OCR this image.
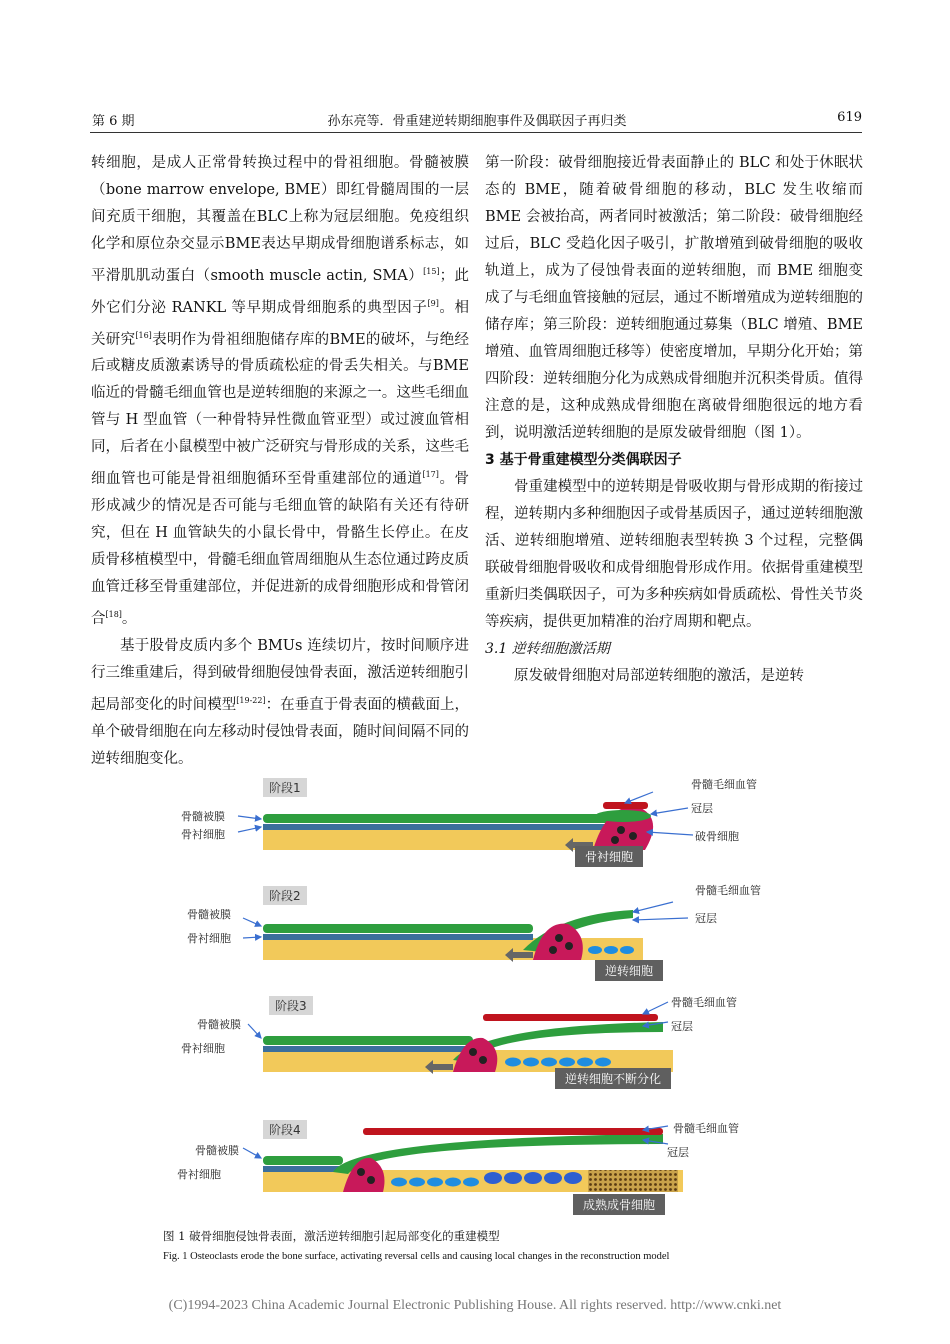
第 6 期	孙东亮等．骨重建逆转期细胞事件及偶联因子再归类	619

转细胞，是成人正常骨转换过程中的骨祖细胞。骨髓被膜（bone marrow envelope, BME）即红骨髓周围的一层间充质干细胞，其覆盖在BLC上称为冠层细胞。免疫组织化学和原位杂交显示BME表达早期成骨细胞谱系标志，如平滑肌肌动蛋白（smooth muscle actin, SMA）[15]；此外它们分泌 RANKL 等早期成骨细胞系的典型因子[9]。相关研究[16]表明作为骨祖细胞储存库的BME的破坏，与绝经后或糖皮质激素诱导的骨质疏松症的骨丢失相关。与BME临近的骨髓毛细血管也是逆转细胞的来源之一。这些毛细血管与 H 型血管（一种骨特异性微血管亚型）或过渡血管相同，后者在小鼠模型中被广泛研究与骨形成的关系，这些毛细血管也可能是骨祖细胞循环至骨重建部位的通道[17]。骨形成减少的情况是否可能与毛细血管的缺陷有关还有待研究，但在 H 血管缺失的小鼠长骨中，骨骼生长停止。在皮质骨移植模型中，骨髓毛细血管周细胞从生态位通过跨皮质血管迁移至骨重建部位，并促进新的成骨细胞形成和骨管闭合[18]。

基于股骨皮质内多个 BMUs 连续切片，按时间顺序进行三维重建后，得到破骨细胞侵蚀骨表面，激活逆转细胞引起局部变化的时间模型[19-22]：在垂直于骨表面的横截面上，单个破骨细胞在向左移动时侵蚀骨表面，随时间间隔不同的逆转细胞变化。

第一阶段：破骨细胞接近骨表面静止的 BLC 和处于休眠状态的 BME，随着破骨细胞的移动，BLC 发生收缩而 BME 会被抬高，两者同时被激活；第二阶段：破骨细胞经过后，BLC 受趋化因子吸引，扩散增殖到破骨细胞的吸收轨道上，成为了侵蚀骨表面的逆转细胞，而 BME 细胞变成了与毛细血管接触的冠层，通过不断增殖成为逆转细胞的储存库；第三阶段：逆转细胞通过募集（BLC 增殖、BME 增殖、血管周细胞迁移等）使密度增加，早期分化开始；第四阶段：逆转细胞分化为成熟成骨细胞并沉积类骨质。值得注意的是，这种成熟成骨细胞在离破骨细胞很远的地方看到，说明激活逆转细胞的是原发破骨细胞（图 1）。

3 基于骨重建模型分类偶联因子

骨重建模型中的逆转期是骨吸收期与骨形成期的衔接过程，逆转期内多种细胞因子或骨基质因子，通过逆转细胞激活、逆转细胞增殖、逆转细胞表型转换 3 个过程，完整偶联破骨细胞骨吸收和成骨细胞骨形成作用。依据骨重建模型重新归类偶联因子，可为多种疾病如骨质疏松、骨性关节炎等疾病，提供更加精准的治疗周期和靶点。

3.1 逆转细胞激活期

原发破骨细胞对局部逆转细胞的激活，是逆转

阶段1
骨髓被膜
骨衬细胞
骨髓毛细血管
冠层
破骨细胞
骨衬细胞
阶段2
骨髓被膜
骨衬细胞
骨髓毛细血管
冠层
逆转细胞
阶段3
骨髓被膜
骨衬细胞
骨髓毛细血管
冠层
逆转细胞不断分化
阶段4
骨髓被膜
骨衬细胞
骨髓毛细血管
冠层
成熟成骨细胞
图 1 破骨细胞侵蚀骨表面，激活逆转细胞引起局部变化的重建模型
Fig. 1 Osteoclasts erode the bone surface, activating reversal cells and causing local changes in the reconstruction model
(C)1994-2023 China Academic Journal Electronic Publishing House. All rights reserved. http://www.cnki.net
